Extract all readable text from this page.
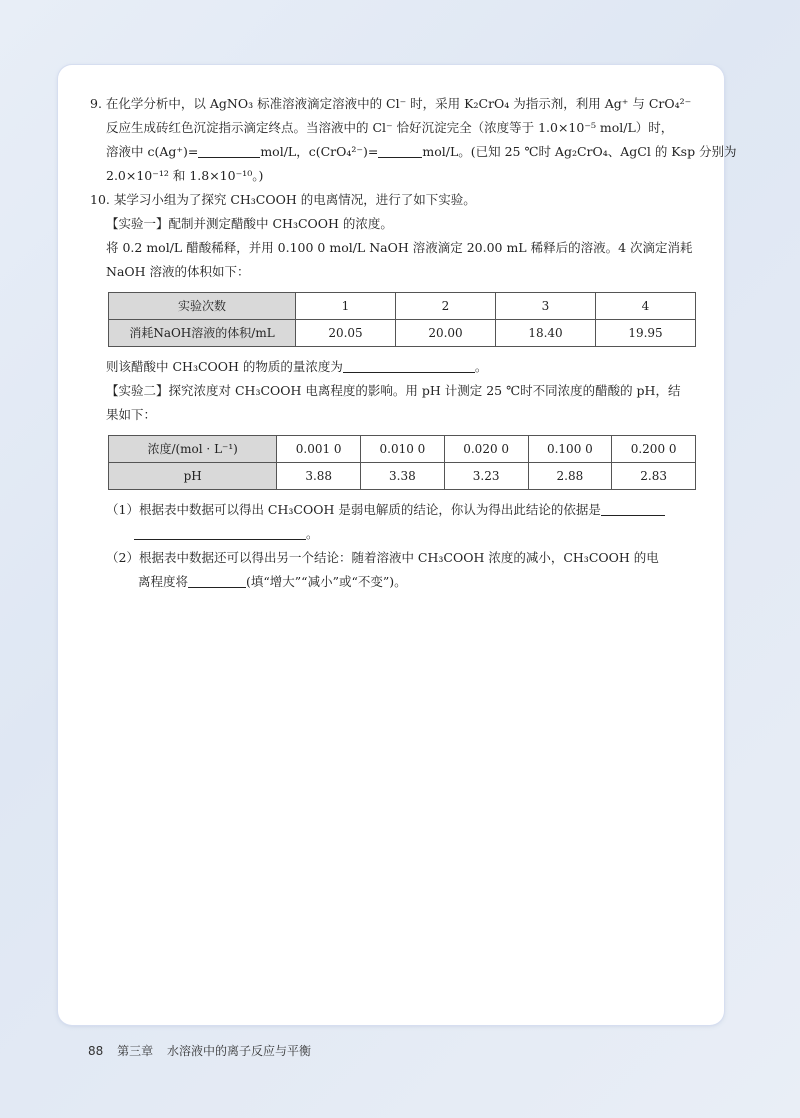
9. 在化学分析中，以 AgNO₃ 标准溶液滴定溶液中的 Cl⁻ 时，采用 K₂CrO₄ 为指示剂，利用 Ag⁺ 与 CrO₄²⁻
反应生成砖红色沉淀指示滴定终点。当溶液中的 Cl⁻ 恰好沉淀完全（浓度等于 1.0×10⁻⁵ mol/L）时，
溶液中 c(Ag⁺)=	mol/L，c(CrO₄²⁻)=	mol/L。(已知 25 ℃时 Ag₂CrO₄、AgCl 的 Ksp 分别为
2.0×10⁻¹² 和 1.8×10⁻¹⁰。)
10. 某学习小组为了探究 CH₃COOH 的电离情况，进行了如下实验。
【实验一】配制并测定醋酸中 CH₃COOH 的浓度。
将 0.2 mol/L 醋酸稀释，并用 0.100 0 mol/L NaOH 溶液滴定 20.00 mL 稀释后的溶液。4 次滴定消耗
NaOH 溶液的体积如下：
实验次数	1	2	3	4
消耗NaOH溶液的体积/mL	20.05	20.00	18.40	19.95
则该醋酸中 CH₃COOH 的物质的量浓度为	。
【实验二】探究浓度对 CH₃COOH 电离程度的影响。用 pH 计测定 25 ℃时不同浓度的醋酸的 pH，结
果如下：
浓度/(mol · L⁻¹)	0.001 0	0.010 0	0.020 0	0.100 0	0.200 0
pH	3.88	3.38	3.23	2.88	2.83
（1）根据表中数据可以得出 CH₃COOH 是弱电解质的结论，你认为得出此结论的依据是
。
（2）根据表中数据还可以得出另一个结论：随着溶液中 CH₃COOH 浓度的减小，CH₃COOH 的电
离程度将	(填“增大”“减小”或“不变”)。
88 第三章 水溶液中的离子反应与平衡
